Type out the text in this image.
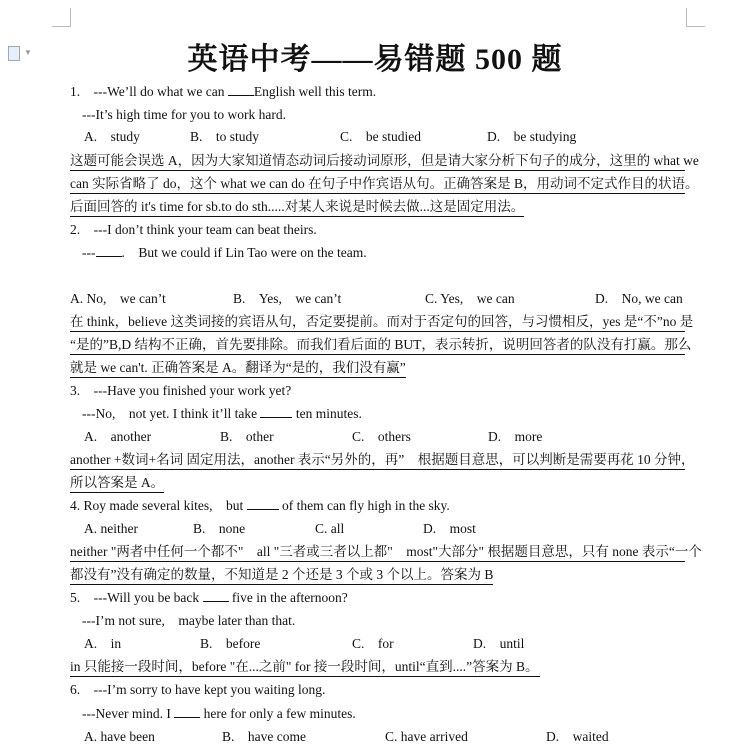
▼	英语中考——易错题 500 题
1.　---We’ll do what we can English well this term.
---It’s high time for you to work hard.
A.　study	B.　to study	C.　be studied	D.　be studying
这题可能会误选 A，因为大家知道情态动词后接动词原形，但是请大家分析下句子的成分，这里的 what we
can 实际省略了 do，这个 what we can do 在句子中作宾语从句。正确答案是 B，用动词不定式作目的状语。
后面回答的 it's time for sb.to do sth.....对某人来说是时候去做...这是固定用法。
2.　---I don’t think your team can beat theirs.
--- .　But we could if Lin Tao were on the team.
A. No,　we can’t	B.　Yes,　we can’t	C. Yes,　we can	D.　No, we can
在 think，believe 这类词接的宾语从句，否定要提前。而对于否定句的回答，与习惯相反，yes 是“不”no 是
“是的”B,D 结构不正确，首先要排除。而我们看后面的 BUT，表示转折，说明回答者的队没有打赢。那么
就是 we can't. 正确答案是 A。翻译为“是的，我们没有赢”
3.　---Have you finished your work yet?
---No,　not yet. I think it’ll take	ten minutes.
A.　another	B.　other	C.　others	D.　more
another +数词+名词 固定用法，another 表示“另外的，再”　根据题目意思，可以判断是需要再花 10 分钟，
所以答案是 A。
4. Roy made several kites,　but	of them can fly high in the sky.
A. neither	B.　none	C. all	D.　most
neither "两者中任何一个都不"　all "三者或三者以上都"　most"大部分" 根据题目意思，只有 none 表示“一个
都没有”没有确定的数量，不知道是 2 个还是 3 个或 3 个以上。答案为 B
5.　---Will you be back five in the afternoon?
---I’m not sure,　maybe later than that.
A.　in	B.　before	C.　for	D.　until
in 只能接一段时间，before "在...之前" for 接一段时间，until“直到....”答案为 B。
6.　---I’m sorry to have kept you waiting long.
---Never mind. I here for only a few minutes.
A. have been	B.　have come	C. have arrived	D.　waited
